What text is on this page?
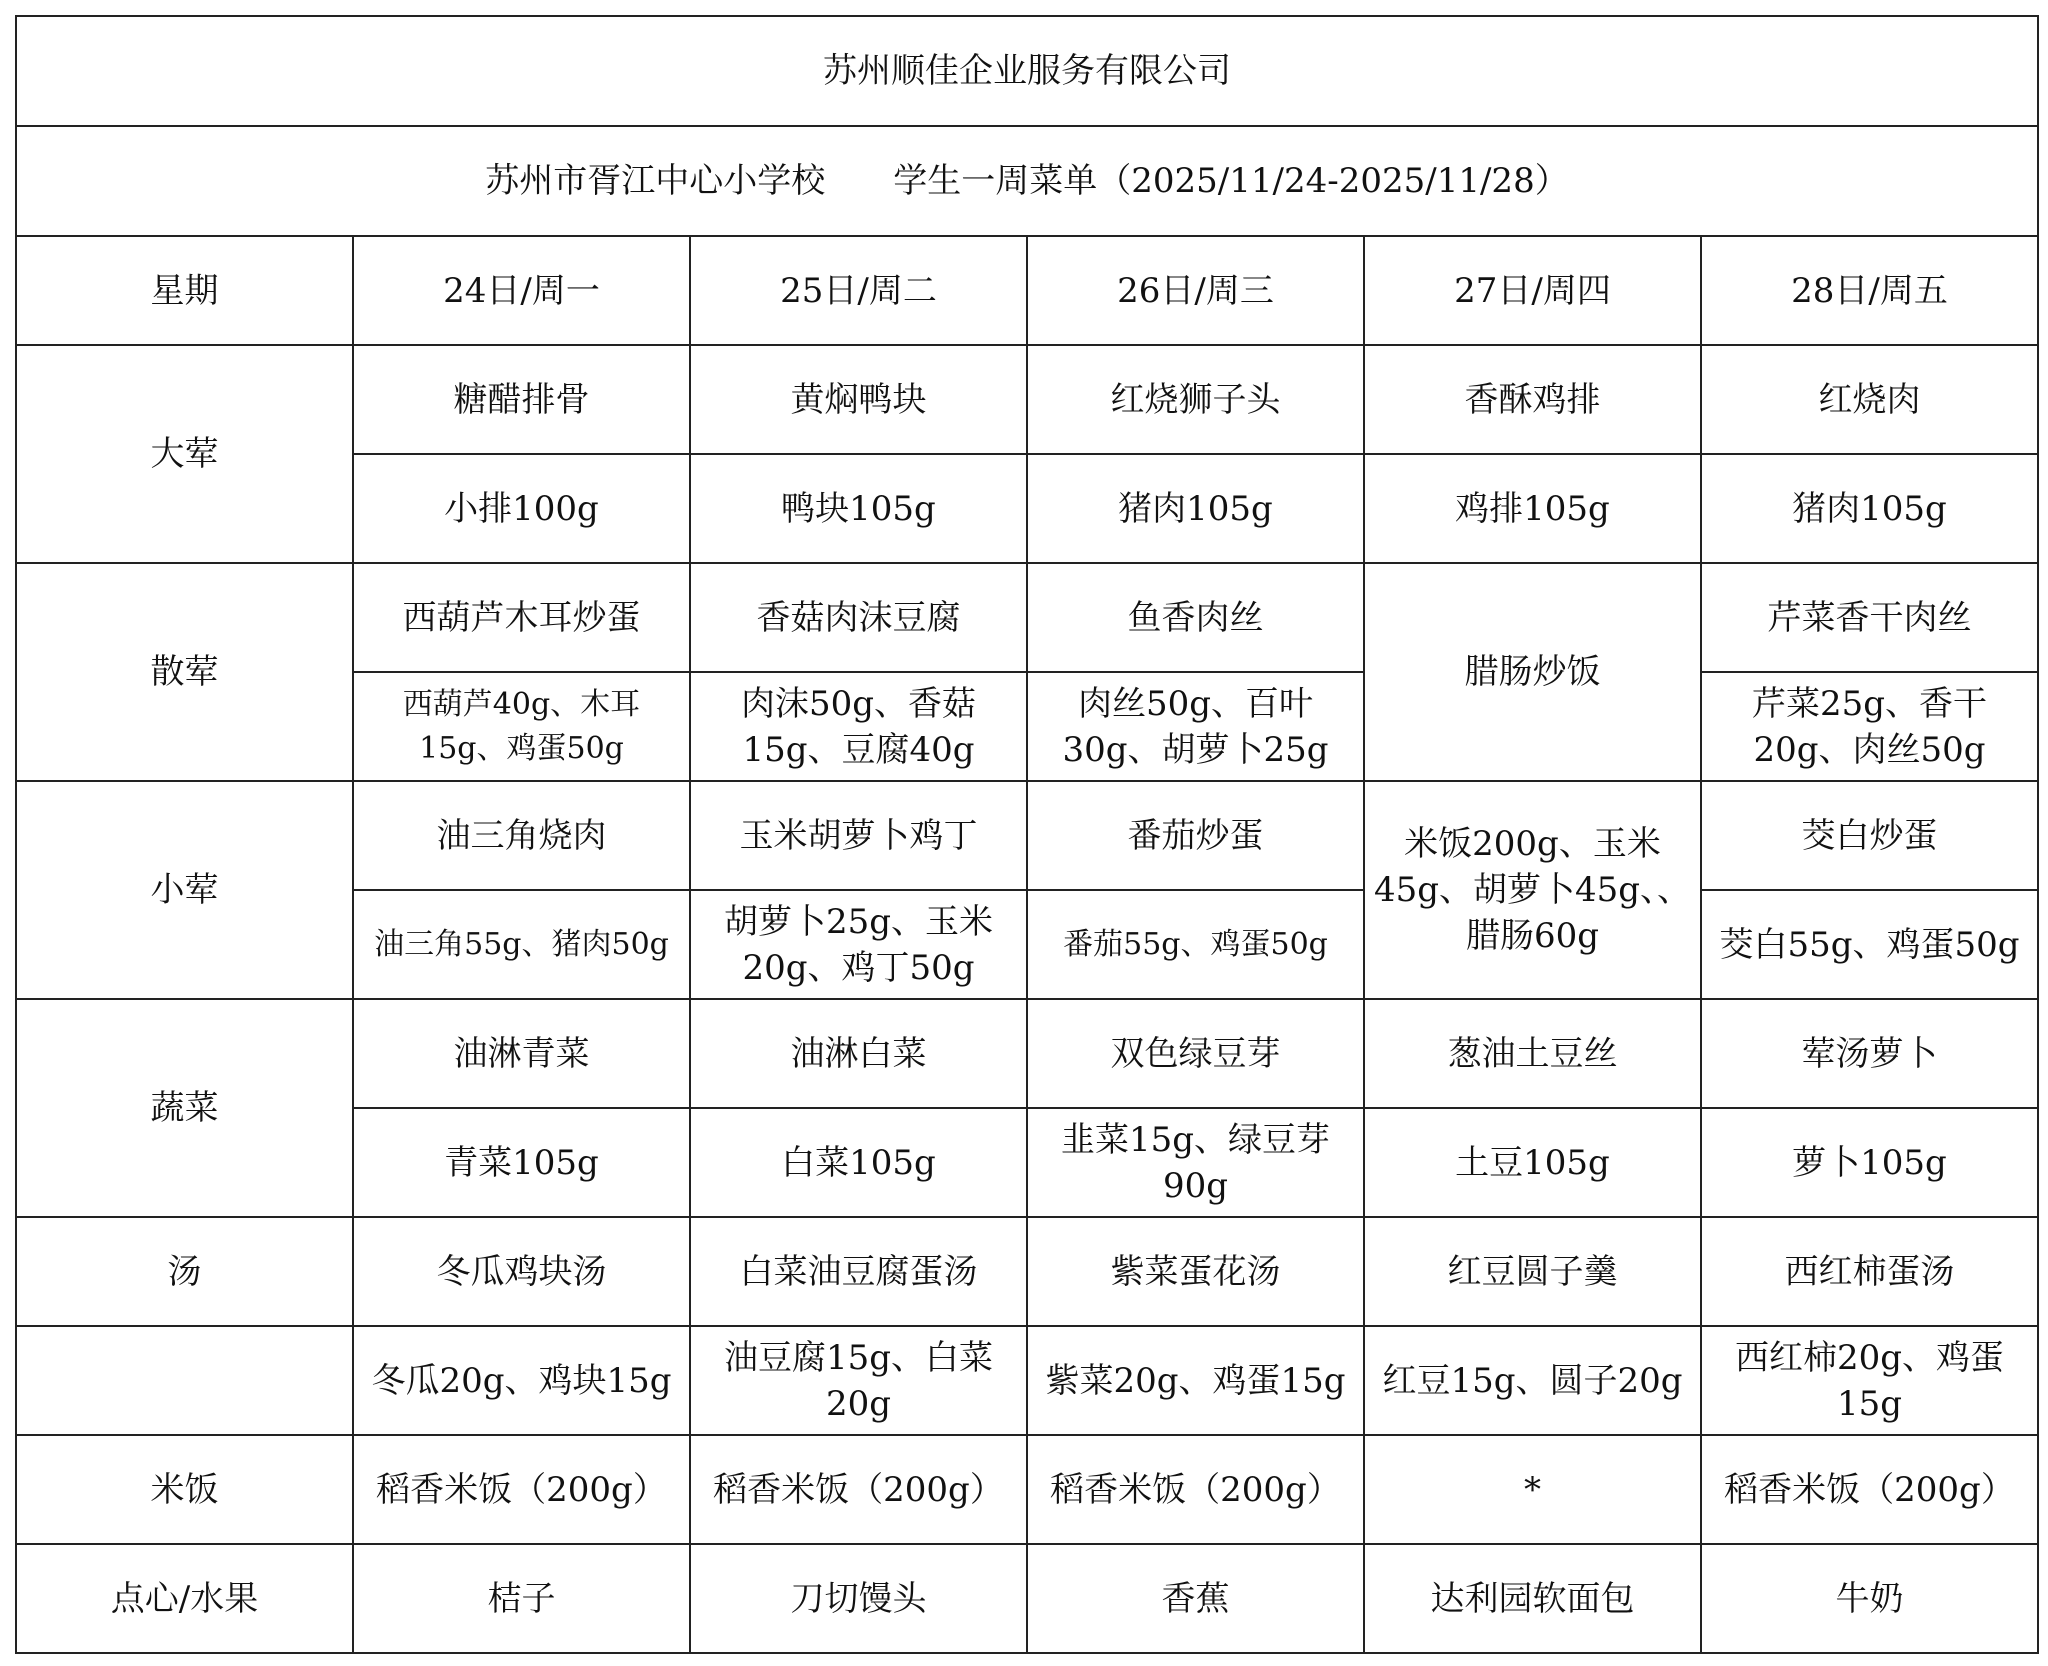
苏州顺佳企业服务有限公司					
苏州市胥江中心小学校　　学生一周菜单（2025/11/24-2025/11/28）					
星期	24日/周一	25日/周二	26日/周三	27日/周四	28日/周五
大荤	糖醋排骨	黄焖鸭块	红烧狮子头	香酥鸡排	红烧肉
	小排100g	鸭块105g	猪肉105g	鸡排105g	猪肉105g
散荤	西葫芦木耳炒蛋	香菇肉沫豆腐	鱼香肉丝	腊肠炒饭	芹菜香干肉丝
	西葫芦40g、木耳15g、鸡蛋50g	肉沫50g、香菇15g、豆腐40g	肉丝50g、百叶30g、胡萝卜25g		芹菜25g、香干20g、肉丝50g
小荤	油三角烧肉	玉米胡萝卜鸡丁	番茄炒蛋	米饭200g、玉米45g、胡萝卜45g、、腊肠60g	茭白炒蛋
	油三角55g、猪肉50g	胡萝卜25g、玉米20g、鸡丁50g	番茄55g、鸡蛋50g		茭白55g、鸡蛋50g
蔬菜	油淋青菜	油淋白菜	双色绿豆芽	葱油土豆丝	荤汤萝卜
	青菜105g	白菜105g	韭菜15g、绿豆芽90g	土豆105g	萝卜105g
汤	冬瓜鸡块汤	白菜油豆腐蛋汤	紫菜蛋花汤	红豆圆子羹	西红柿蛋汤
	冬瓜20g、鸡块15g	油豆腐15g、白菜20g	紫菜20g、鸡蛋15g	红豆15g、圆子20g	西红柿20g、鸡蛋15g
米饭	稻香米饭（200g）	稻香米饭（200g）	稻香米饭（200g）	*	稻香米饭（200g）
点心/水果	桔子	刀切馒头	香蕉	达利园软面包	牛奶
